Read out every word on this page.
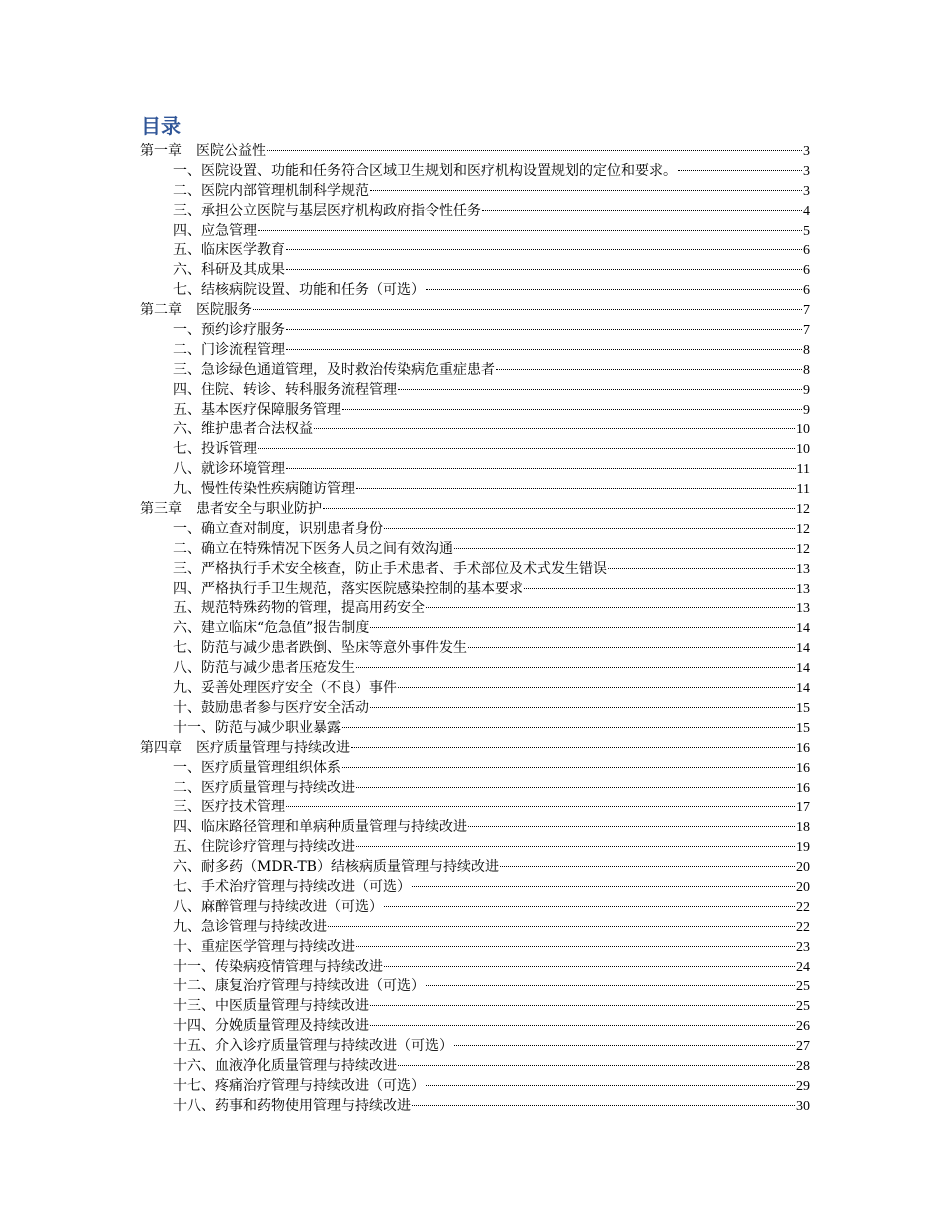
目录
第一章　医院公益性	3
一、医院设置、功能和任务符合区域卫生规划和医疗机构设置规划的定位和要求。	3
二、医院内部管理机制科学规范	3
三、承担公立医院与基层医疗机构政府指令性任务	4
四、应急管理	5
五、临床医学教育	6
六、科研及其成果	6
七、结核病院设置、功能和任务（可选）	6
第二章　医院服务	7
一、预约诊疗服务	7
二、门诊流程管理	8
三、急诊绿色通道管理，及时救治传染病危重症患者	8
四、住院、转诊、转科服务流程管理	9
五、基本医疗保障服务管理	9
六、维护患者合法权益	10
七、投诉管理	10
八、就诊环境管理	11
九、慢性传染性疾病随访管理	11
第三章　患者安全与职业防护	12
一、确立查对制度，识别患者身份	12
二、确立在特殊情况下医务人员之间有效沟通	12
三、严格执行手术安全核查，防止手术患者、手术部位及术式发生错误	13
四、严格执行手卫生规范，落实医院感染控制的基本要求	13
五、规范特殊药物的管理，提高用药安全	13
六、建立临床“危急值”报告制度	14
七、防范与减少患者跌倒、坠床等意外事件发生	14
八、防范与减少患者压疮发生	14
九、妥善处理医疗安全（不良）事件	14
十、鼓励患者参与医疗安全活动	15
十一、防范与减少职业暴露	15
第四章　医疗质量管理与持续改进	16
一、医疗质量管理组织体系	16
二、医疗质量管理与持续改进	16
三、医疗技术管理	17
四、临床路径管理和单病种质量管理与持续改进	18
五、住院诊疗管理与持续改进	19
六、耐多药（MDR-TB）结核病质量管理与持续改进	20
七、手术治疗管理与持续改进（可选）	20
八、麻醉管理与持续改进（可选）	22
九、急诊管理与持续改进	22
十、重症医学管理与持续改进	23
十一、传染病疫情管理与持续改进	24
十二、康复治疗管理与持续改进（可选）	25
十三、中医质量管理与持续改进	25
十四、分娩质量管理及持续改进	26
十五、介入诊疗质量管理与持续改进（可选）	27
十六、血液净化质量管理与持续改进	28
十七、疼痛治疗管理与持续改进（可选）	29
十八、药事和药物使用管理与持续改进	30
